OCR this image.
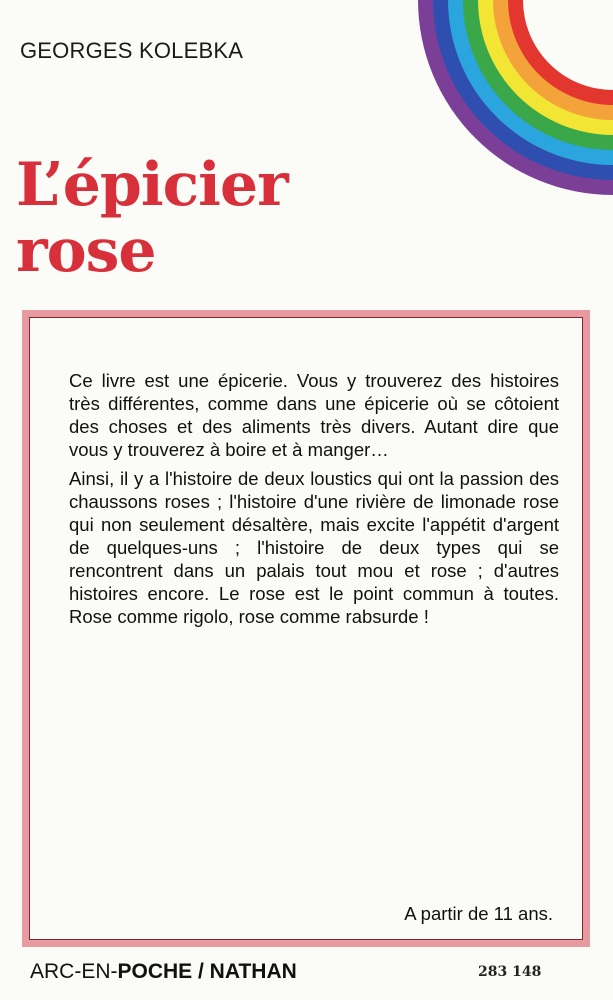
GEORGES KOLEBKA
L’épicier
rose

Ce livre est une épicerie. Vous y trouverez des histoires très différentes, comme dans une épicerie où se côtoient des choses et des aliments très divers. Autant dire que vous y trouverez à boire et à manger…

Ainsi, il y a l'histoire de deux loustics qui ont la passion des chaussons roses ; l'histoire d'une rivière de limonade rose qui non seulement désaltère, mais excite l'appétit d'argent de quelques-uns ; l'histoire de deux types qui se rencontrent dans un palais tout mou et rose ; d'autres histoires encore. Le rose est le point commun à toutes. Rose comme rigolo, rose comme rabsurde !

A partir de 11 ans.
ARC-EN-POCHE / NATHAN	283 148
